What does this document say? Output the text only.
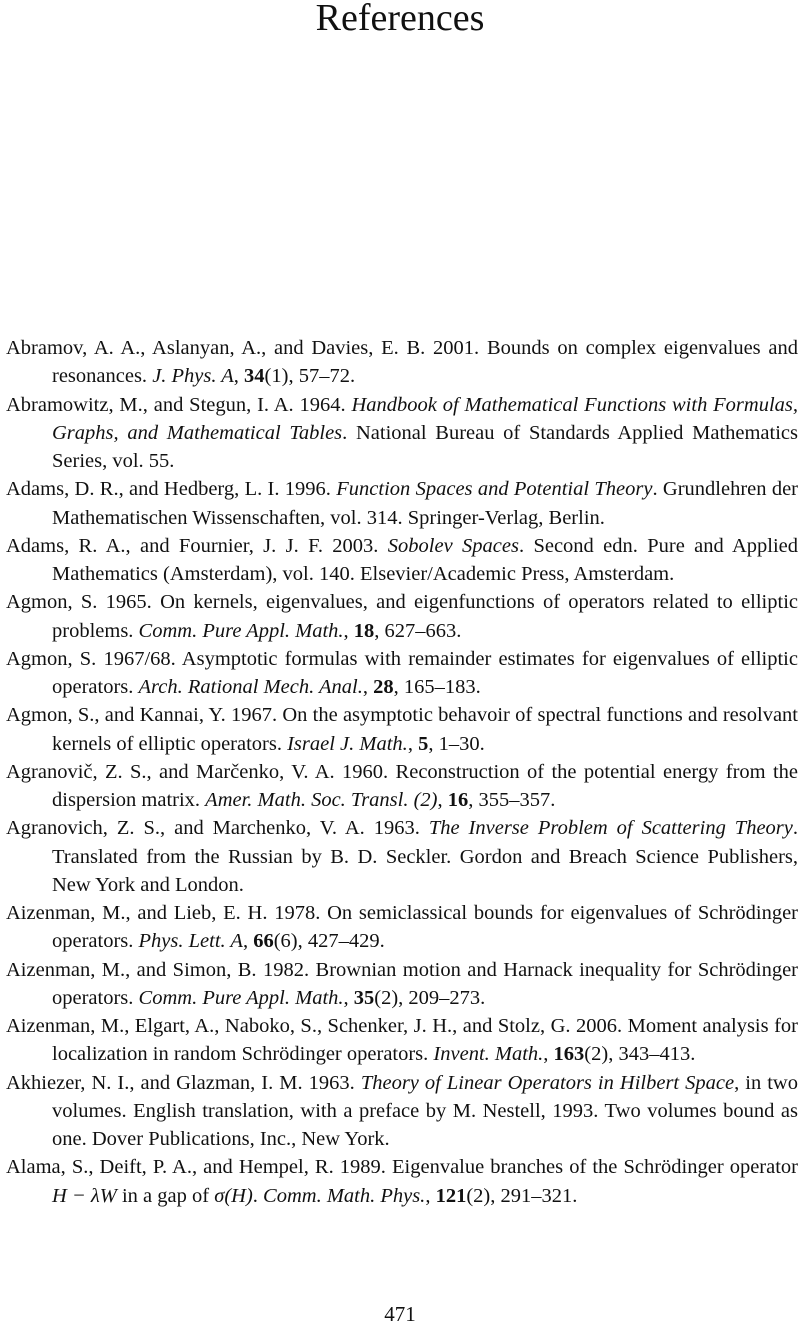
References

Abramov, A. A., Aslanyan, A., and Davies, E. B. 2001. Bounds on complex eigenvalues and resonances. J. Phys. A, 34(1), 57–72.

Abramowitz, M., and Stegun, I. A. 1964. Handbook of Mathematical Functions with Formulas, Graphs, and Mathematical Tables. National Bureau of Standards Applied Mathematics Series, vol. 55.

Adams, D. R., and Hedberg, L. I. 1996. Function Spaces and Potential Theory. Grundlehren der Mathematischen Wissenschaften, vol. 314. Springer-Verlag, Berlin.

Adams, R. A., and Fournier, J. J. F. 2003. Sobolev Spaces. Second edn. Pure and Applied Mathematics (Amsterdam), vol. 140. Elsevier/Academic Press, Amsterdam.

Agmon, S. 1965. On kernels, eigenvalues, and eigenfunctions of operators related to elliptic problems. Comm. Pure Appl. Math., 18, 627–663.

Agmon, S. 1967/68. Asymptotic formulas with remainder estimates for eigenvalues of elliptic operators. Arch. Rational Mech. Anal., 28, 165–183.

Agmon, S., and Kannai, Y. 1967. On the asymptotic behavoir of spectral functions and resolvant kernels of elliptic operators. Israel J. Math., 5, 1–30.

Agranovič, Z. S., and Marčenko, V. A. 1960. Reconstruction of the potential energy from the dispersion matrix. Amer. Math. Soc. Transl. (2), 16, 355–357.

Agranovich, Z. S., and Marchenko, V. A. 1963. The Inverse Problem of Scattering Theory. Translated from the Russian by B. D. Seckler. Gordon and Breach Science Publishers, New York and London.

Aizenman, M., and Lieb, E. H. 1978. On semiclassical bounds for eigenvalues of Schrödinger operators. Phys. Lett. A, 66(6), 427–429.

Aizenman, M., and Simon, B. 1982. Brownian motion and Harnack inequality for Schrödinger operators. Comm. Pure Appl. Math., 35(2), 209–273.

Aizenman, M., Elgart, A., Naboko, S., Schenker, J. H., and Stolz, G. 2006. Moment analysis for localization in random Schrödinger operators. Invent. Math., 163(2), 343–413.

Akhiezer, N. I., and Glazman, I. M. 1963. Theory of Linear Operators in Hilbert Space, in two volumes. English translation, with a preface by M. Nestell, 1993. Two volumes bound as one. Dover Publications, Inc., New York.

Alama, S., Deift, P. A., and Hempel, R. 1989. Eigenvalue branches of the Schrödinger operator H − λW in a gap of σ(H). Comm. Math. Phys., 121(2), 291–321.

471
